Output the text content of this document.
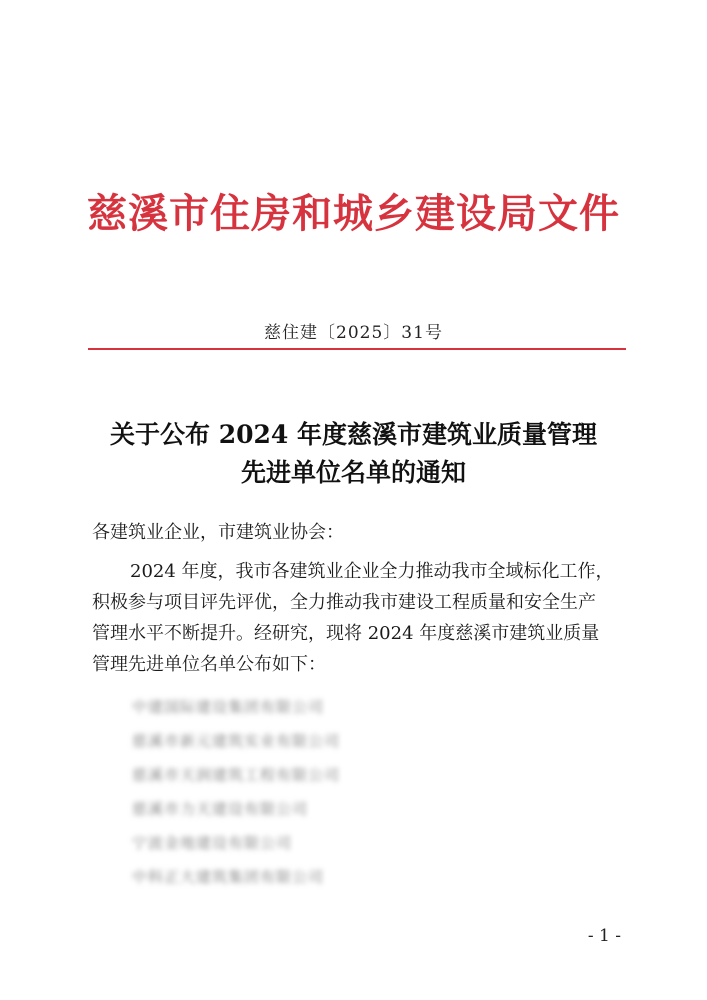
慈溪市住房和城乡建设局文件
慈住建〔2025〕31号
关于公布 2024 年度慈溪市建筑业质量管理
先进单位名单的通知
各建筑业企业，市建筑业协会：
2024 年度，我市各建筑业企业全力推动我市全域标化工作，
积极参与项目评先评优，全力推动我市建设工程质量和安全生产
管理水平不断提升。经研究，现将 2024 年度慈溪市建筑业质量
管理先进单位名单公布如下：
中建国际建设集团有限公司
慈溪市新元建筑实业有限公司
慈溪市天润建筑工程有限公司
慈溪市力天建设有限公司
宁波金地建设有限公司
中科正大建筑集团有限公司
- 1 -
